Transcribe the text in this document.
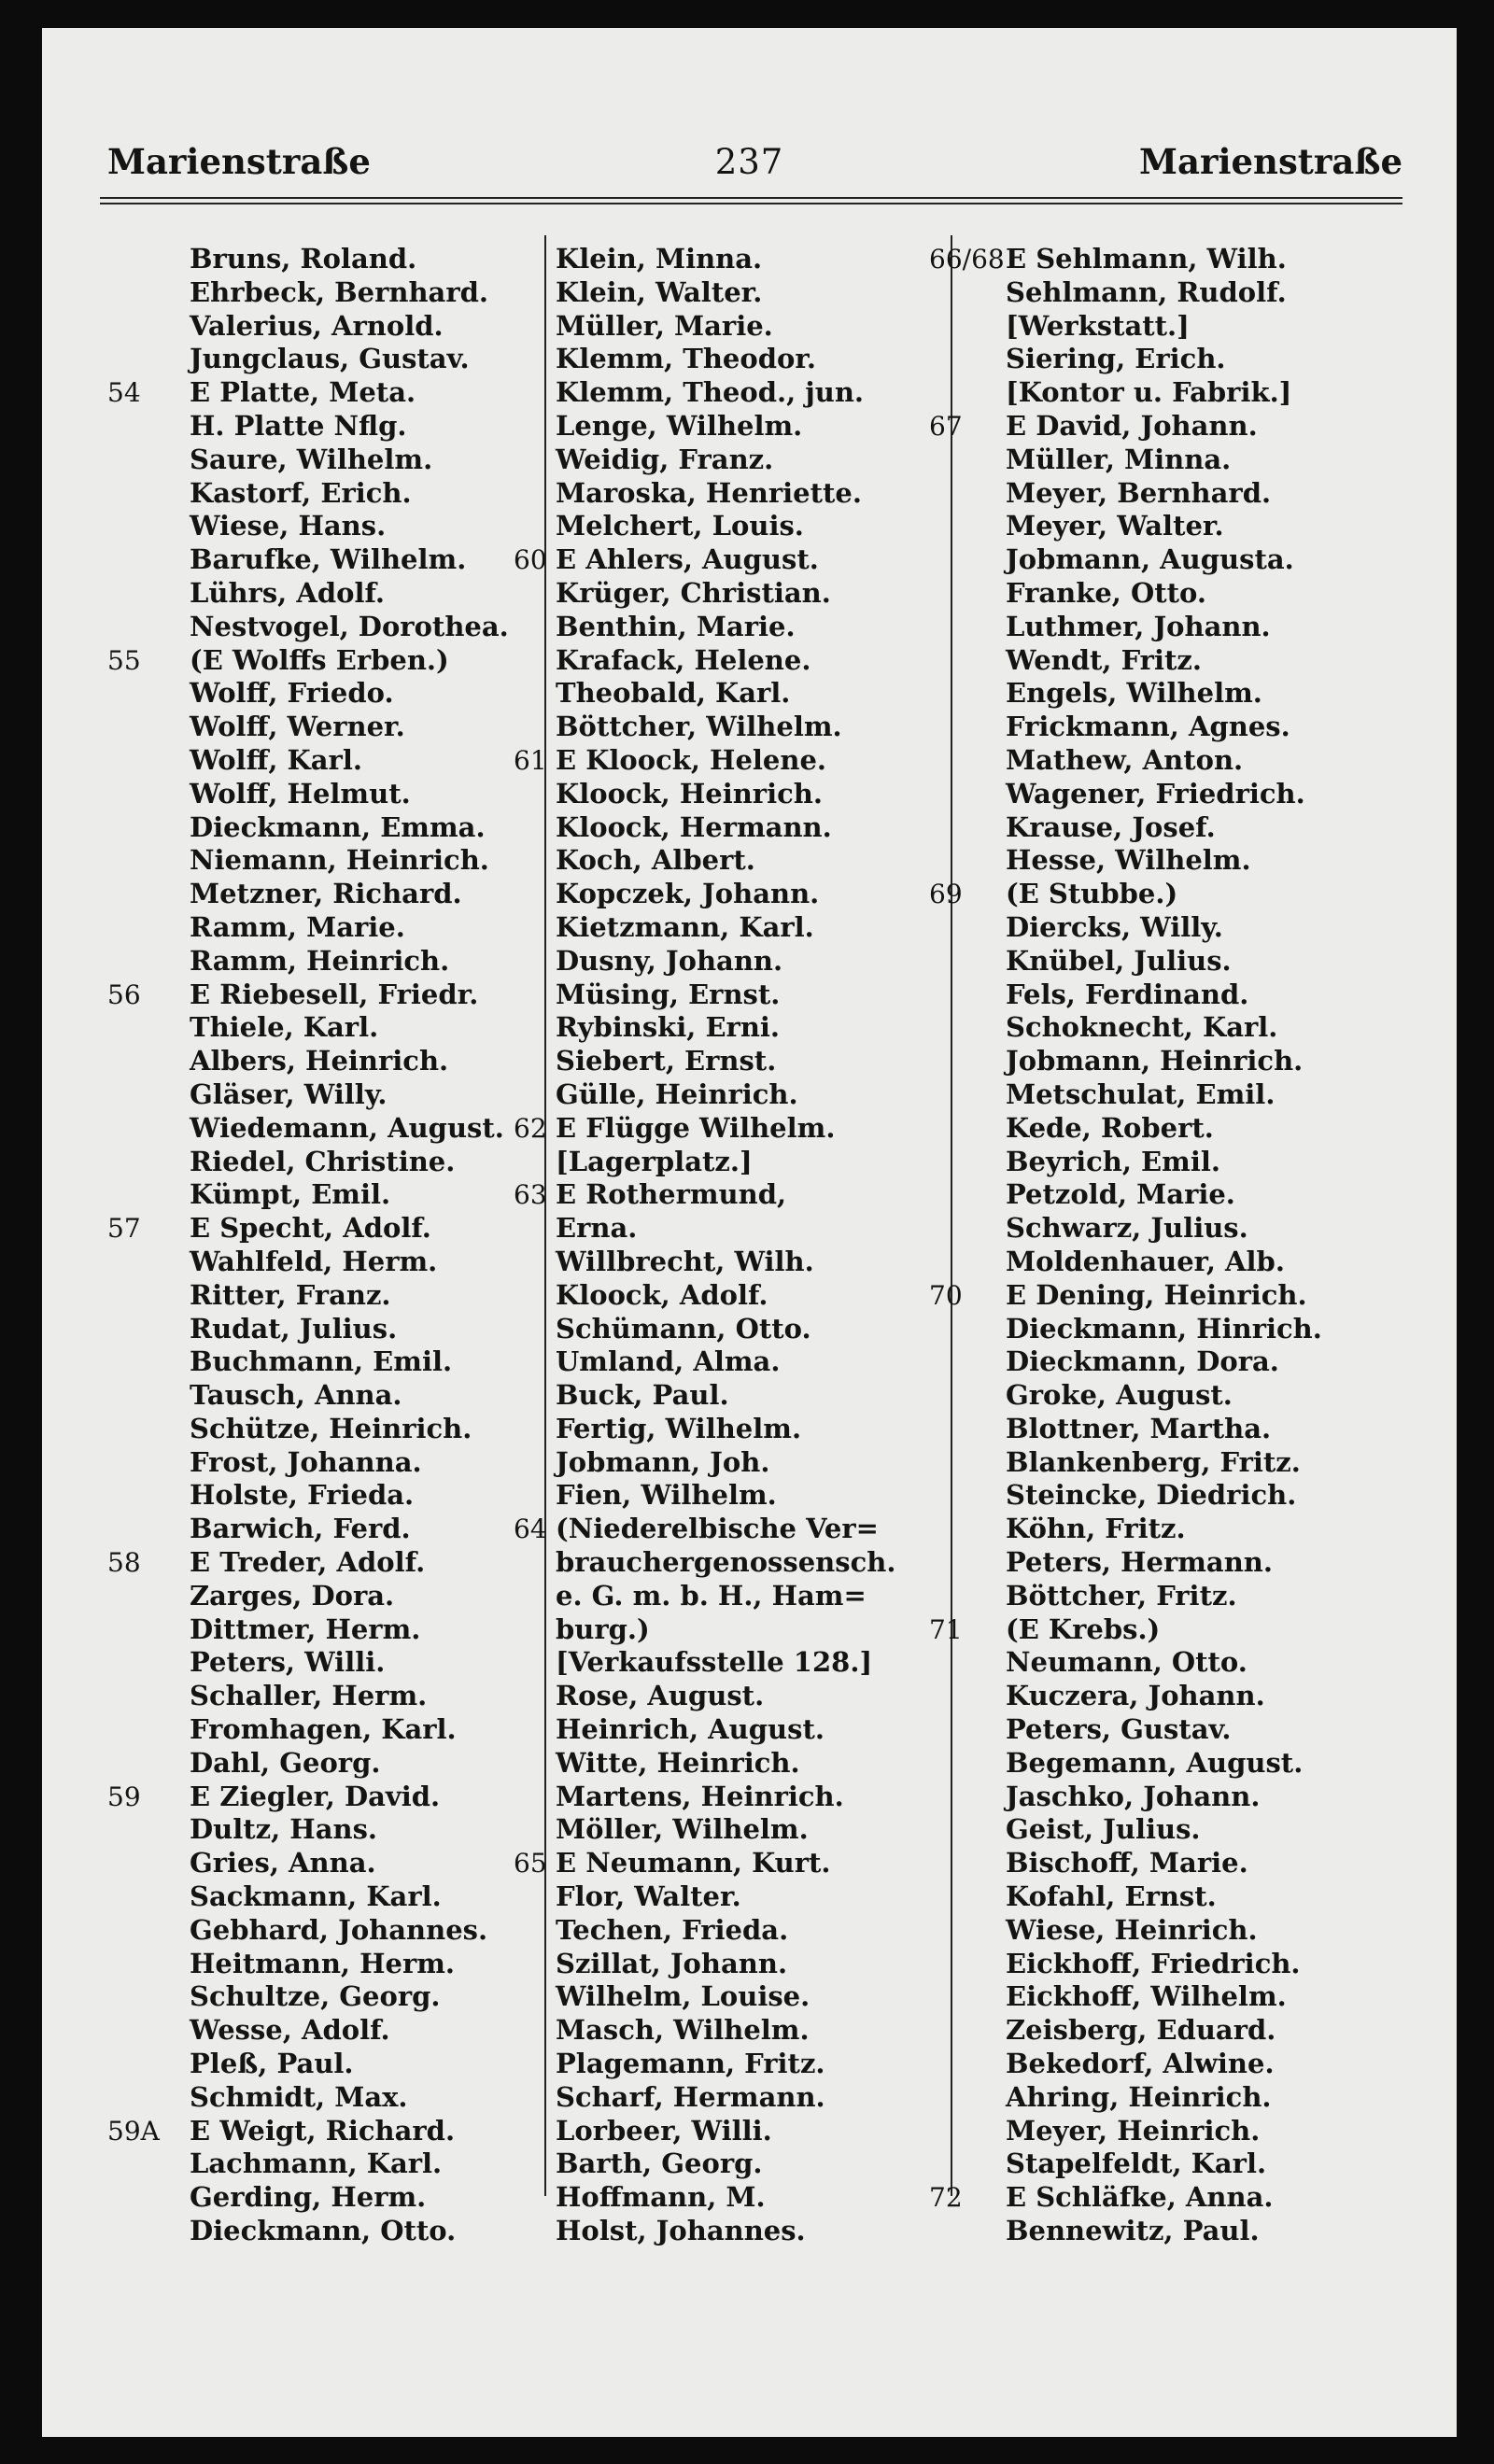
Marienstraße	237	Marienstraße
Bruns, Roland.
Ehrbeck, Bernhard.
Valerius, Arnold.
Jungclaus, Gustav.
54 E Platte, Meta.
H. Platte Nflg.
Saure, Wilhelm.
Kastorf, Erich.
Wiese, Hans.
Barufke, Wilhelm.
Lührs, Adolf.
Nestvogel, Dorothea.
55 (E Wolffs Erben.)
Wolff, Friedo.
Wolff, Werner.
Wolff, Karl.
Wolff, Helmut.
Dieckmann, Emma.
Niemann, Heinrich.
Metzner, Richard.
Ramm, Marie.
Ramm, Heinrich.
56 E Riebesell, Friedr.
Thiele, Karl.
Albers, Heinrich.
Gläser, Willy.
Wiedemann, August.
Riedel, Christine.
Kümpt, Emil.
57 E Specht, Adolf.
Wahlfeld, Herm.
Ritter, Franz.
Rudat, Julius.
Buchmann, Emil.
Tausch, Anna.
Schütze, Heinrich.
Frost, Johanna.
Holste, Frieda.
Barwich, Ferd.
58 E Treder, Adolf.
Zarges, Dora.
Dittmer, Herm.
Peters, Willi.
Schaller, Herm.
Fromhagen, Karl.
Dahl, Georg.
59 E Ziegler, David.
Dultz, Hans.
Gries, Anna.
Sackmann, Karl.
Gebhard, Johannes.
Heitmann, Herm.
Schultze, Georg.
Wesse, Adolf.
Pleß, Paul.
Schmidt, Max.
59A E Weigt, Richard.
Lachmann, Karl.
Gerding, Herm.
Dieckmann, Otto.
Klein, Minna.
Klein, Walter.
Müller, Marie.
Klemm, Theodor.
Klemm, Theod., jun.
Lenge, Wilhelm.
Weidig, Franz.
Maroska, Henriette.
Melchert, Louis.
60 E Ahlers, August.
Krüger, Christian.
Benthin, Marie.
Krafack, Helene.
Theobald, Karl.
Böttcher, Wilhelm.
61 E Kloock, Helene.
Kloock, Heinrich.
Kloock, Hermann.
Koch, Albert.
Kopczek, Johann.
Kietzmann, Karl.
Dusny, Johann.
Müsing, Ernst.
Rybinski, Erni.
Siebert, Ernst.
Gülle, Heinrich.
62 E Flügge Wilhelm.
[Lagerplatz.]
63 E Rothermund,
Erna.
Willbrecht, Wilh.
Kloock, Adolf.
Schümann, Otto.
Umland, Alma.
Buck, Paul.
Fertig, Wilhelm.
Jobmann, Joh.
Fien, Wilhelm.
64 (Niederelbische Ver=
brauchergenossensch.
e. G. m. b. H., Ham=
burg.)
[Verkaufsstelle 128.]
Rose, August.
Heinrich, August.
Witte, Heinrich.
Martens, Heinrich.
Möller, Wilhelm.
65 E Neumann, Kurt.
Flor, Walter.
Techen, Frieda.
Szillat, Johann.
Wilhelm, Louise.
Masch, Wilhelm.
Plagemann, Fritz.
Scharf, Hermann.
Lorbeer, Willi.
Barth, Georg.
Hoffmann, M.
Holst, Johannes.
66/68 E Sehlmann, Wilh.
Sehlmann, Rudolf.
[Werkstatt.]
Siering, Erich.
[Kontor u. Fabrik.]
67 E David, Johann.
Müller, Minna.
Meyer, Bernhard.
Meyer, Walter.
Jobmann, Augusta.
Franke, Otto.
Luthmer, Johann.
Wendt, Fritz.
Engels, Wilhelm.
Frickmann, Agnes.
Mathew, Anton.
Wagener, Friedrich.
Krause, Josef.
Hesse, Wilhelm.
69 (E Stubbe.)
Diercks, Willy.
Knübel, Julius.
Fels, Ferdinand.
Schoknecht, Karl.
Jobmann, Heinrich.
Metschulat, Emil.
Kede, Robert.
Beyrich, Emil.
Petzold, Marie.
Schwarz, Julius.
Moldenhauer, Alb.
70 E Dening, Heinrich.
Dieckmann, Hinrich.
Dieckmann, Dora.
Groke, August.
Blottner, Martha.
Blankenberg, Fritz.
Steincke, Diedrich.
Köhn, Fritz.
Peters, Hermann.
Böttcher, Fritz.
71 (E Krebs.)
Neumann, Otto.
Kuczera, Johann.
Peters, Gustav.
Begemann, August.
Jaschko, Johann.
Geist, Julius.
Bischoff, Marie.
Kofahl, Ernst.
Wiese, Heinrich.
Eickhoff, Friedrich.
Eickhoff, Wilhelm.
Zeisberg, Eduard.
Bekedorf, Alwine.
Ahring, Heinrich.
Meyer, Heinrich.
Stapelfeldt, Karl.
72 E Schläfke, Anna.
Bennewitz, Paul.
